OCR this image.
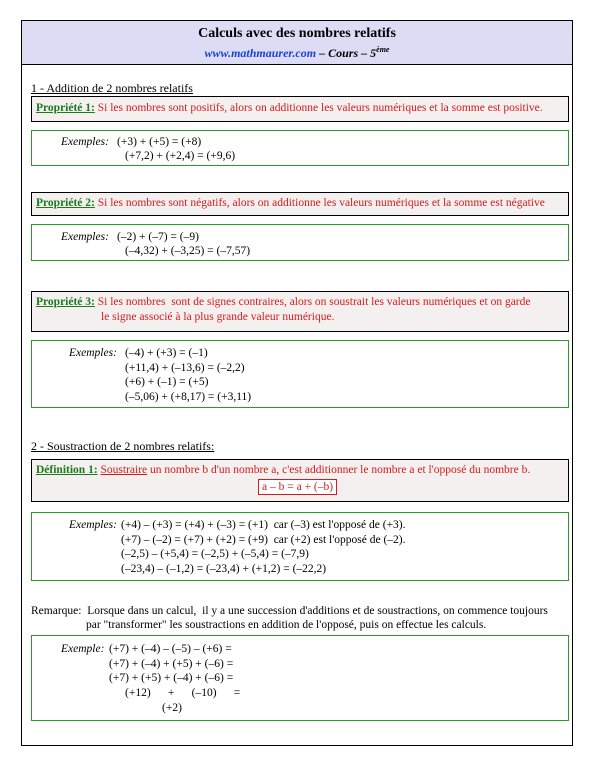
Calculs avec des nombres relatifs
www.mathmaurer.com – Cours – 5ème
1 - Addition de 2 nombres relatifs
Propriété 1: Si les nombres sont positifs, alors on additionne les valeurs numériques et la somme est positive.
Exemples: (+3) + (+5) = (+8)
(+7,2) + (+2,4) = (+9,6)
Propriété 2: Si les nombres sont négatifs, alors on additionne les valeurs numériques et la somme est négative
Exemples: (–2) + (–7) = (–9)
(–4,32) + (–3,25) = (–7,57)
Propriété 3: Si les nombres  sont de signes contraires, alors on soustrait les valeurs numériques et on garde
le signe associé à la plus grande valeur numérique.
Exemples: (–4) + (+3) = (–1)
(+11,4) + (–13,6) = (–2,2)
(+6) + (–1) = (+5)
(–5,06) + (+8,17) = (+3,11)
2 - Soustraction de 2 nombres relatifs:
Définition 1: Soustraire un nombre b d'un nombre a, c'est additionner le nombre a et l'opposé du nombre b.
a – b = a + (–b)
Exemples: (+4) – (+3) = (+4) + (–3) = (+1)  car (–3) est l'opposé de (+3).
(+7) – (–2) = (+7) + (+2) = (+9)  car (+2) est l'opposé de (–2).
(–2,5) – (+5,4) = (–2,5) + (–5,4) = (–7,9)
(–23,4) – (–1,2) = (–23,4) + (+1,2) = (–22,2)
Remarque:  Lorsque dans un calcul,  il y a une succession d'additions et de soustractions, on commence toujours
par "transformer" les soustractions en addition de l'opposé, puis on effectue les calculs.
Exemple: (+7) + (–4) – (–5) – (+6) =
(+7) + (–4) + (+5) + (–6) =
(+7) + (+5) + (–4) + (–6) =
(+12)      +      (–10)      =
(+2)
